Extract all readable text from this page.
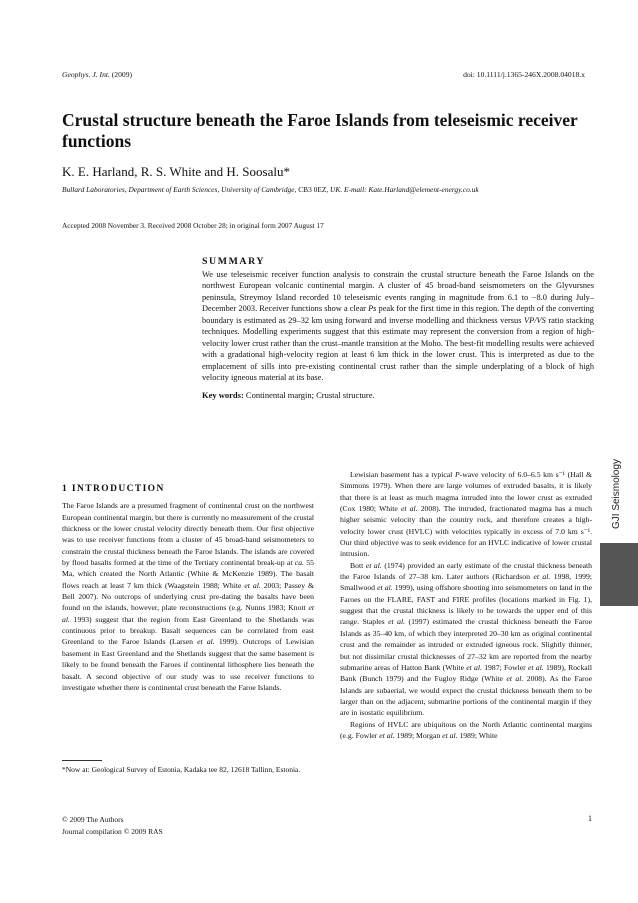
Geophys. J. Int. (2009)	doi: 10.1111/j.1365-246X.2008.04018.x
Crustal structure beneath the Faroe Islands from teleseismic receiver functions
K. E. Harland, R. S. White and H. Soosalu*
Bullard Laboratories, Department of Earth Sciences, University of Cambridge, CB3 0EZ, UK. E-mail: Kate.Harland@element-energy.co.uk
Accepted 2008 November 3. Received 2008 October 28; in original form 2007 August 17
SUMMARY
We use teleseismic receiver function analysis to constrain the crustal structure beneath the Faroe Islands on the northwest European volcanic continental margin. A cluster of 45 broad-band seismometers on the Glyvursnes peninsula, Streymoy Island recorded 10 teleseismic events ranging in magnitude from 6.1 to −8.0 during July–December 2003. Receiver functions show a clear Ps peak for the first time in this region. The depth of the converting boundary is estimated as 29–32 km using forward and inverse modelling and thickness versus VP/VS ratio stacking techniques. Modelling experiments suggest that this estimate may represent the conversion from a region of high-velocity lower crust rather than the crust–mantle transition at the Moho. The best-fit modelling results were achieved with a gradational high-velocity region at least 6 km thick in the lower crust. This is interpreted as due to the emplacement of sills into pre-existing continental crust rather than the simple underplating of a block of high velocity igneous material at its base.
Key words: Continental margin; Crustal structure.
GJI Seismology
1 INTRODUCTION

The Faroe Islands are a presumed fragment of continental crust on the northwest European continental margin, but there is currently no measurement of the crustal thickness or the lower crustal velocity directly beneath them. Our first objective was to use receiver functions from a cluster of 45 broad-band seismometers to constrain the crustal thickness beneath the Faroe Islands. The islands are covered by flood basalts formed at the time of the Tertiary continental break-up at ca. 55 Ma, which created the North Atlantic (White & McKenzie 1989). The basalt flows reach at least 7 km thick (Waagstein 1988; White et al. 2003; Passey & Bell 2007). No outcrops of underlying crust pre-dating the basalts have been found on the islands, however, plate reconstructions (e.g. Nunns 1983; Knott et al. 1993) suggest that the region from East Greenland to the Shetlands was continuous prior to breakup. Basalt sequences can be correlated from east Greenland to the Faroe Islands (Larsen et al. 1999). Outcrops of Lewisian basement in East Greenland and the Shetlands suggest that the same basement is likely to be found beneath the Faroes if continental lithosphere lies beneath the basalt. A second objective of our study was to use receiver functions to investigate whether there is continental crust beneath the Faroe Islands.

Lewisian basement has a typical P-wave velocity of 6.0–6.5 km s⁻¹ (Hall & Simmons 1979). When there are large volumes of extruded basalts, it is likely that there is at least as much magma intruded into the lower crust as extruded (Cox 1980; White et al. 2008). The intruded, fractionated magma has a much higher seismic velocity than the country rock, and therefore creates a high-velocity lower crust (HVLC) with velocities typically in excess of 7.0 km s⁻¹. Our third objective was to seek evidence for an HVLC indicative of lower crustal intrusion.

Bott et al. (1974) provided an early estimate of the crustal thickness beneath the Faroe Islands of 27–38 km. Later authors (Richardson et al. 1998, 1999; Smallwood et al. 1999), using offshore shooting into seismometers on land in the Faroes on the FLARE, FAST and FIRE profiles (locations marked in Fig. 1), suggest that the crustal thickness is likely to be towards the upper end of this range. Staples et al. (1997) estimated the crustal thickness beneath the Faroe Islands as 35–40 km, of which they interpreted 20–30 km as original continental crust and the remainder as intruded or extruded igneous rock. Slightly thinner, but not dissimilar crustal thicknesses of 27–32 km are reported from the nearby submarine areas of Hatton Bank (White et al. 1987; Fowler et al. 1989), Rockall Bank (Bunch 1979) and the Fugloy Ridge (White et al. 2008). As the Faroe Islands are subaerial, we would expect the crustal thickness beneath them to be larger than on the adjacent, submarine portions of the continental margin if they are in isostatic equilibrium.

Regions of HVLC are ubiquitous on the North Atlantic continental margins (e.g. Fowler et al. 1989; Morgan et al. 1989; White

*Now at: Geological Survey of Estonia, Kadaka tee 82, 12618 Tallinn, Estonia.
© 2009 The Authors
Journal compilation © 2009 RAS
1
